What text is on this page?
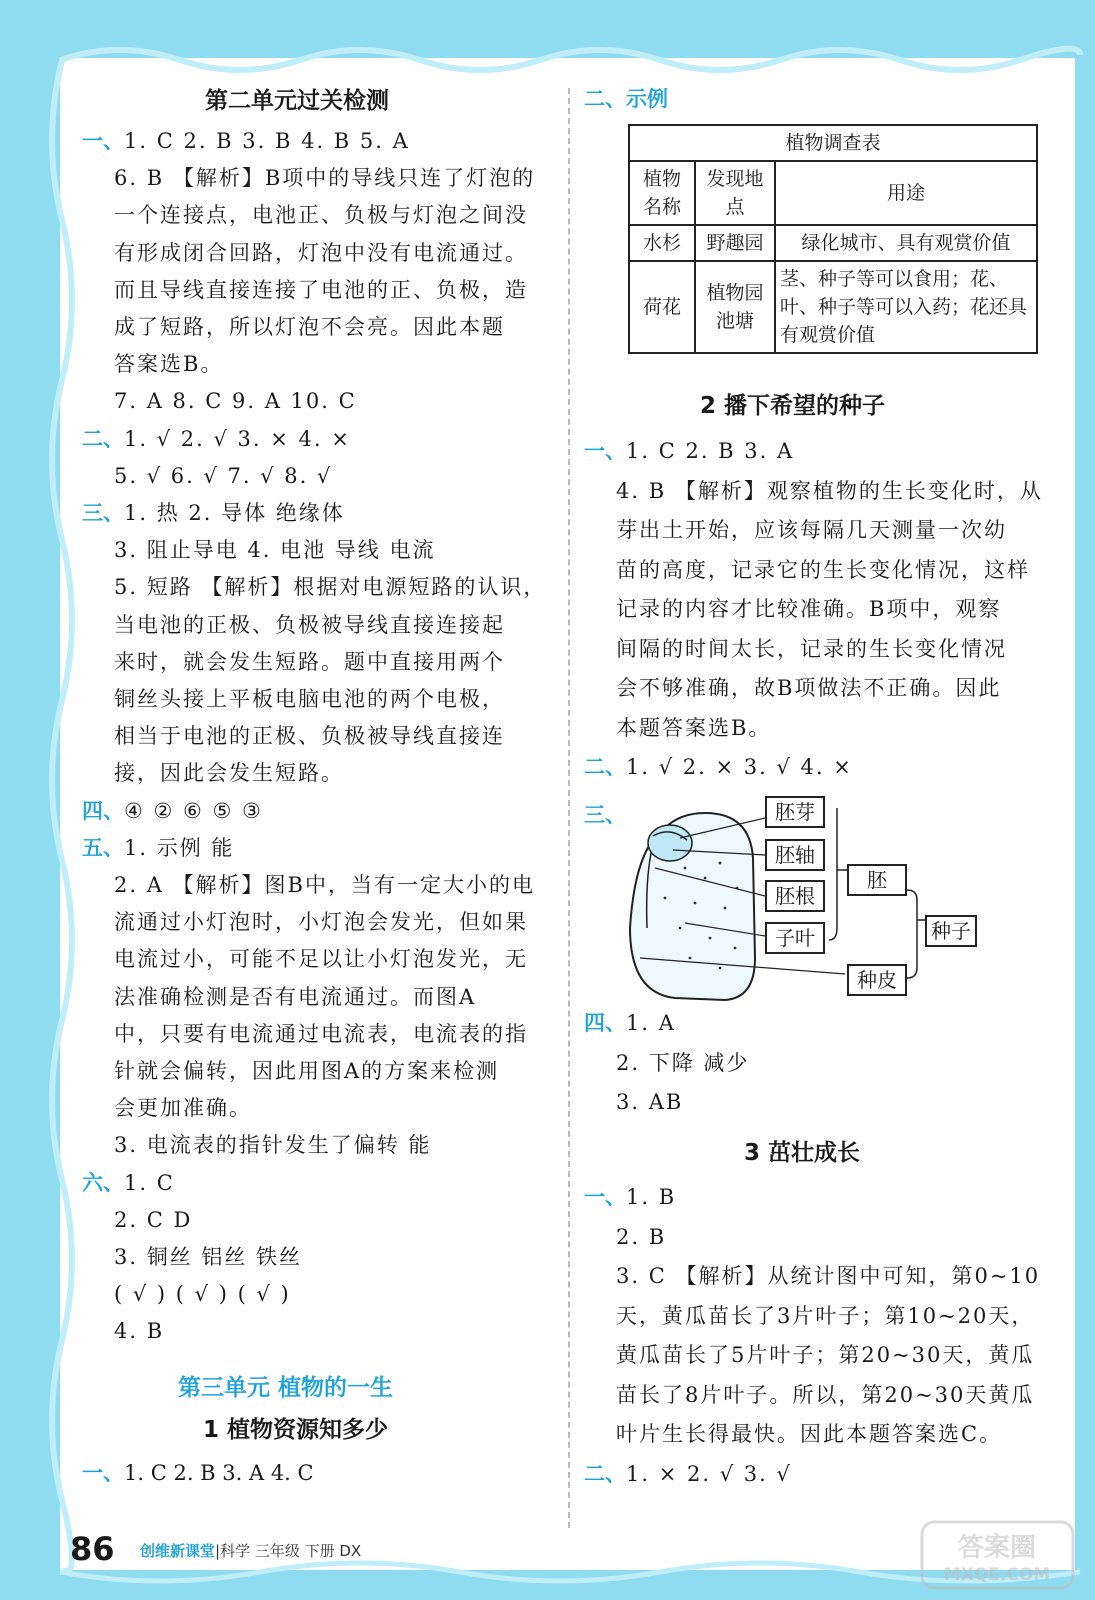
第二单元过关检测
一、1. C 2. B 3. B 4. B 5. A
6. B 【解析】B项中的导线只连了灯泡的
一个连接点，电池正、负极与灯泡之间没
有形成闭合回路，灯泡中没有电流通过。
而且导线直接连接了电池的正、负极，造
成了短路，所以灯泡不会亮。因此本题
答案选B。
7. A 8. C 9. A 10. C
二、1. √ 2. √ 3. × 4. ×
5. √ 6. √ 7. √ 8. √
三、1. 热 2. 导体 绝缘体
3. 阻止导电 4. 电池 导线 电流
5. 短路 【解析】根据对电源短路的认识，
当电池的正极、负极被导线直接连接起
来时，就会发生短路。题中直接用两个
铜丝头接上平板电脑电池的两个电极，
相当于电池的正极、负极被导线直接连
接，因此会发生短路。
四、④ ② ⑥ ⑤ ③
五、1. 示例 能
2. A 【解析】图B中，当有一定大小的电
流通过小灯泡时，小灯泡会发光，但如果
电流过小，可能不足以让小灯泡发光，无
法准确检测是否有电流通过。而图A
中，只要有电流通过电流表，电流表的指
针就会偏转，因此用图A的方案来检测
会更加准确。
3. 电流表的指针发生了偏转 能
六、1. C
2. C D
3. 铜丝 铝丝 铁丝
( √ ) ( √ ) ( √ )
4. B
第三单元 植物的一生
1 植物资源知多少
一、1. C 2. B 3. A 4. C
二、示例
植物调查表		
植物名称	发现地点	用途
水杉	野趣园	绿化城市、具有观赏价值
荷花	植物园池塘	茎、种子等可以食用；花、叶、种子等可以入药；花还具有观赏价值
2 播下希望的种子
一、1. C 2. B 3. A
4. B 【解析】观察植物的生长变化时，从
芽出土开始，应该每隔几天测量一次幼
苗的高度，记录它的生长变化情况，这样
记录的内容才比较准确。B项中，观察
间隔的时间太长，记录的生长变化情况
会不够准确，故B项做法不正确。因此
本题答案选B。
二、1. √ 2. × 3. √ 4. ×
三、	胚芽
胚轴
胚根
子叶
胚
种子
种皮
四、1. A
2. 下降 减少
3. AB
3 茁壮成长
一、1. B
2. B
3. C 【解析】从统计图中可知，第0~10
天，黄瓜苗长了3片叶子；第10~20天，
黄瓜苗长了5片叶子；第20~30天，黄瓜
苗长了8片叶子。所以，第20~30天黄瓜
叶片生长得最快。因此本题答案选C。
二、1. × 2. √ 3. √
86 创维新课堂|科学 三年级 下册 DX	答案圈
MXQE.COM
